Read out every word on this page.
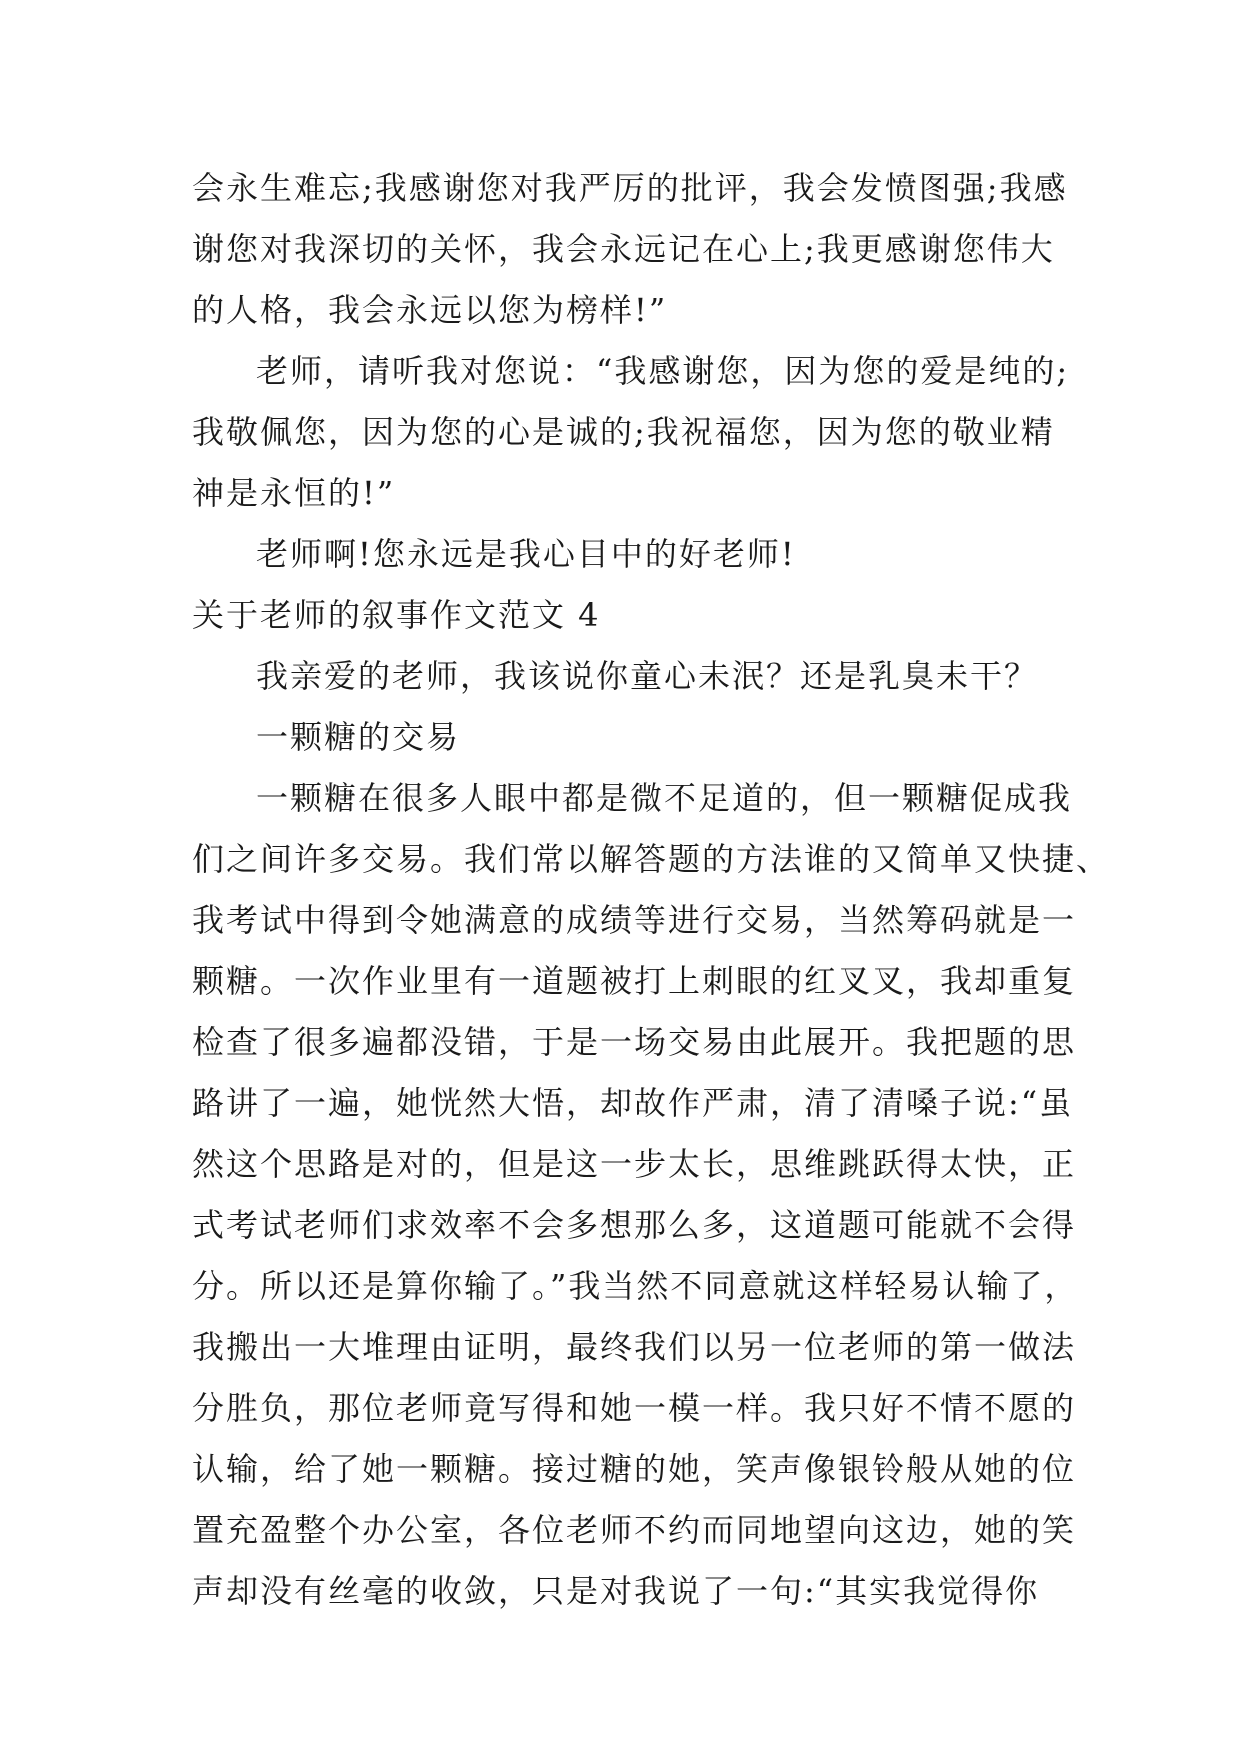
会永生难忘;我感谢您对我严厉的批评，我会发愤图强;我感
谢您对我深切的关怀，我会永远记在心上;我更感谢您伟大
的人格，我会永远以您为榜样!”
老师，请听我对您说：“我感谢您，因为您的爱是纯的;
我敬佩您，因为您的心是诚的;我祝福您，因为您的敬业精
神是永恒的!”
老师啊!您永远是我心目中的好老师!
关于老师的叙事作文范文 4
我亲爱的老师，我该说你童心未泯？还是乳臭未干？
一颗糖的交易
一颗糖在很多人眼中都是微不足道的，但一颗糖促成我
们之间许多交易。我们常以解答题的方法谁的又简单又快捷、
我考试中得到令她满意的成绩等进行交易，当然筹码就是一
颗糖。一次作业里有一道题被打上刺眼的红叉叉，我却重复
检查了很多遍都没错，于是一场交易由此展开。我把题的思
路讲了一遍，她恍然大悟，却故作严肃，清了清嗓子说:“虽
然这个思路是对的，但是这一步太长，思维跳跃得太快，正
式考试老师们求效率不会多想那么多，这道题可能就不会得
分。所以还是算你输了。”我当然不同意就这样轻易认输了，
我搬出一大堆理由证明，最终我们以另一位老师的第一做法
分胜负，那位老师竟写得和她一模一样。我只好不情不愿的
认输，给了她一颗糖。接过糖的她，笑声像银铃般从她的位
置充盈整个办公室，各位老师不约而同地望向这边，她的笑
声却没有丝毫的收敛，只是对我说了一句:“其实我觉得你
